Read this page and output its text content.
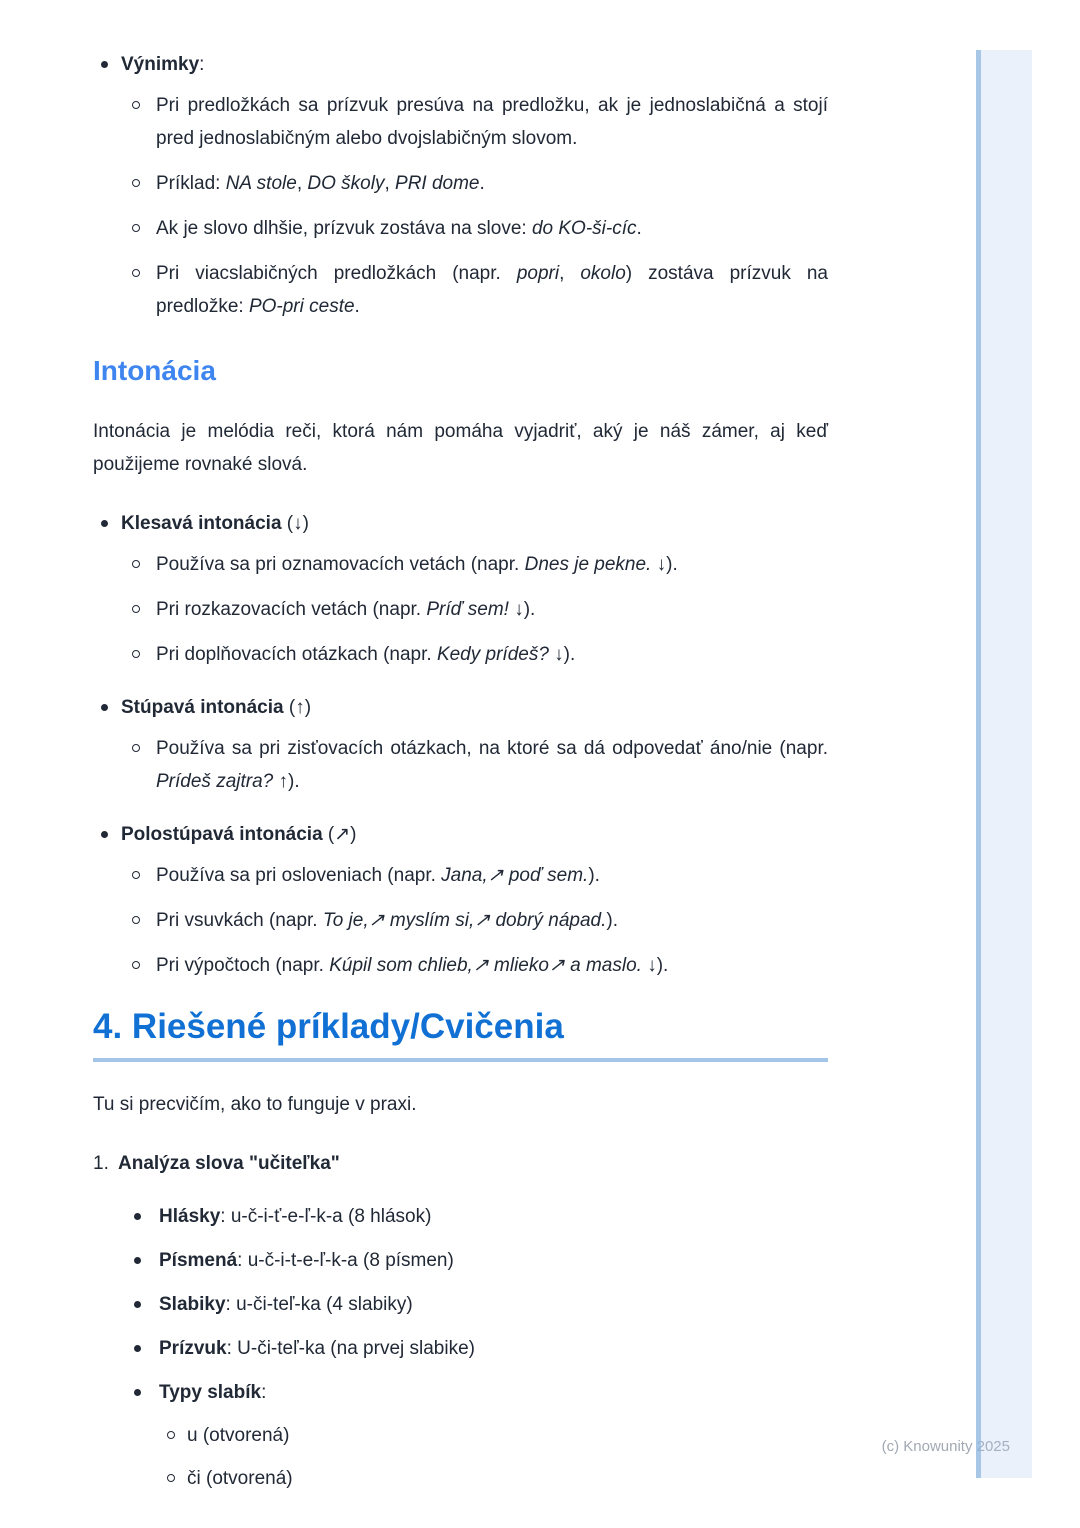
Výnimky:
Pri predložkách sa prízvuk presúva na predložku, ak je jednoslabičná a stojí pred jednoslabičným alebo dvojslabičným slovom.
Príklad: NA stole, DO školy, PRI dome.
Ak je slovo dlhšie, prízvuk zostáva na slove: do KO-ši-cíc.
Pri viacslabičných predložkách (napr. popri, okolo) zostáva prízvuk na predložke: PO-pri ceste.
Intonácia

Intonácia je melódia reči, ktorá nám pomáha vyjadriť, aký je náš zámer, aj keď použijeme rovnaké slová.

Klesavá intonácia (↓)
Používa sa pri oznamovacích vetách (napr. Dnes je pekne. ↓).
Pri rozkazovacích vetách (napr. Príď sem! ↓).
Pri doplňovacích otázkach (napr. Kedy prídeš? ↓).
Stúpavá intonácia (↑)
Používa sa pri zisťovacích otázkach, na ktoré sa dá odpovedať áno/nie (napr. Prídeš zajtra? ↑).
Polostúpavá intonácia (↗)
Používa sa pri osloveniach (napr. Jana,↗ poď sem.).
Pri vsuvkách (napr. To je,↗ myslím si,↗ dobrý nápad.).
Pri výpočtoch (napr. Kúpil som chlieb,↗ mlieko↗ a maslo. ↓).
4. Riešené príklady/Cvičenia

Tu si precvičím, ako to funguje v praxi.

1. Analýza slova "učiteľka"
Hlásky: u-č-i-ť-e-ľ-k-a (8 hlások)
Písmená: u-č-i-t-e-ľ-k-a (8 písmen)
Slabiky: u-či-teľ-ka (4 slabiky)
Prízvuk: U-či-teľ-ka (na prvej slabike)
Typy slabík:
u (otvorená)
či (otvorená)
(c) Knowunity 2025
